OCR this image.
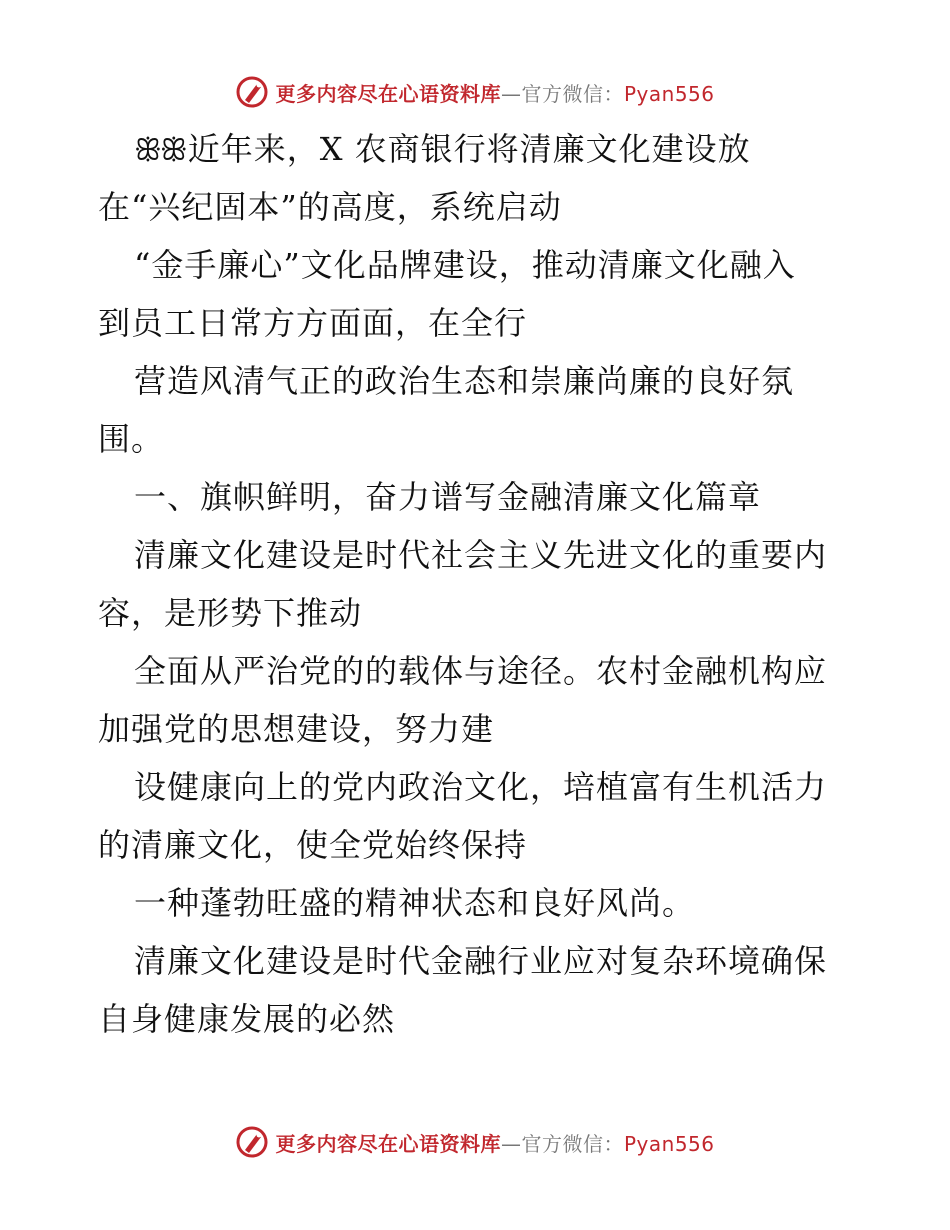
更多内容尽在心语资料库—官方微信：Pyan556
ꕥꕥ近年来，X 农商银行将清廉文化建设放
在“兴纪固本”的高度，系统启动
“金手廉心”文化品牌建设，推动清廉文化融入
到员工日常方方面面，在全行
营造风清气正的政治生态和崇廉尚廉的良好氛
围。
一、旗帜鲜明，奋力谱写金融清廉文化篇章
清廉文化建设是时代社会主义先进文化的重要内
容，是形势下推动
全面从严治党的的载体与途径。农村金融机构应
加强党的思想建设，努力建
设健康向上的党内政治文化，培植富有生机活力
的清廉文化，使全党始终保持
一种蓬勃旺盛的精神状态和良好风尚。
清廉文化建设是时代金融行业应对复杂环境确保
自身健康发展的必然
更多内容尽在心语资料库—官方微信：Pyan556
